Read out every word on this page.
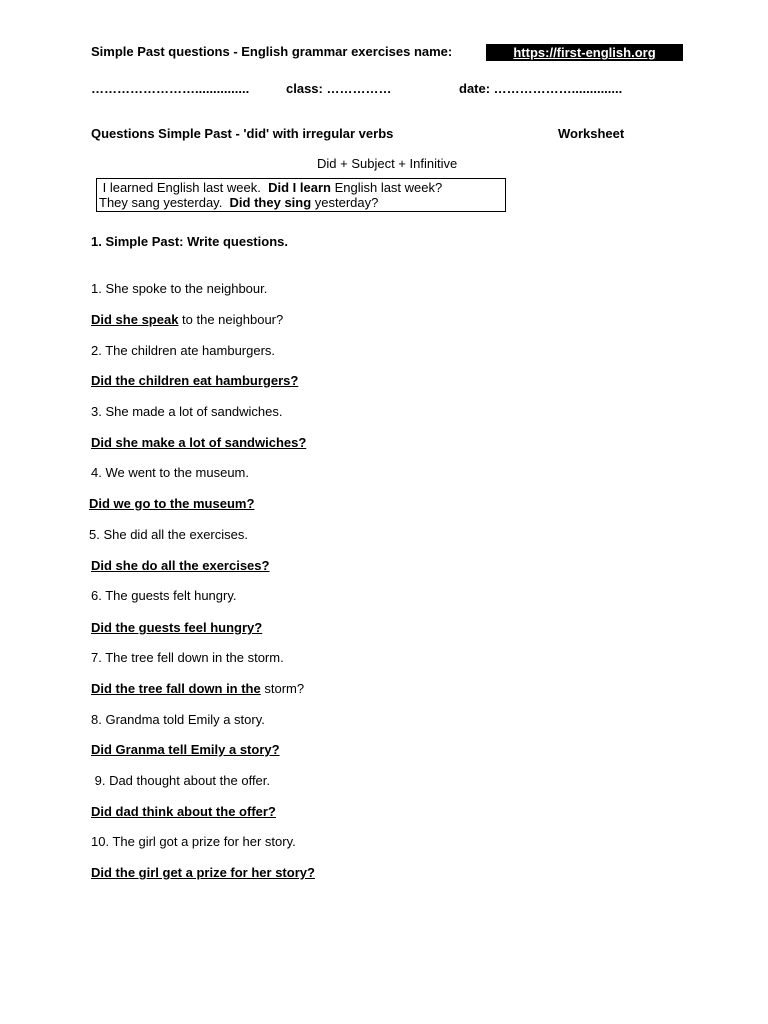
Simple Past questions - English grammar exercises name:	https://first-english.org
……………………...............	class: ……………	date: ………………..............
Questions Simple Past - 'did' with irregular verbs	Worksheet
Did + Subject + Infinitive
I learned English last week.  Did I learn English last week?
They sang yesterday.  Did they sing yesterday?
1. Simple Past: Write questions.
1. She spoke to the neighbour.
Did she speak to the neighbour?
2. The children ate hamburgers.
Did the children eat hamburgers?
3. She made a lot of sandwiches.
Did she make a lot of sandwiches?
4. We went to the museum.
Did we go to the museum?
5. She did all the exercises.
Did she do all the exercises?
6. The guests felt hungry.
Did the guests feel hungry?
7. The tree fell down in the storm.
Did the tree fall down in the storm?
8. Grandma told Emily a story.
Did Granma tell Emily a story?
9. Dad thought about the offer.
Did dad think about the offer?
10. The girl got a prize for her story.
Did the girl get a prize for her story?
